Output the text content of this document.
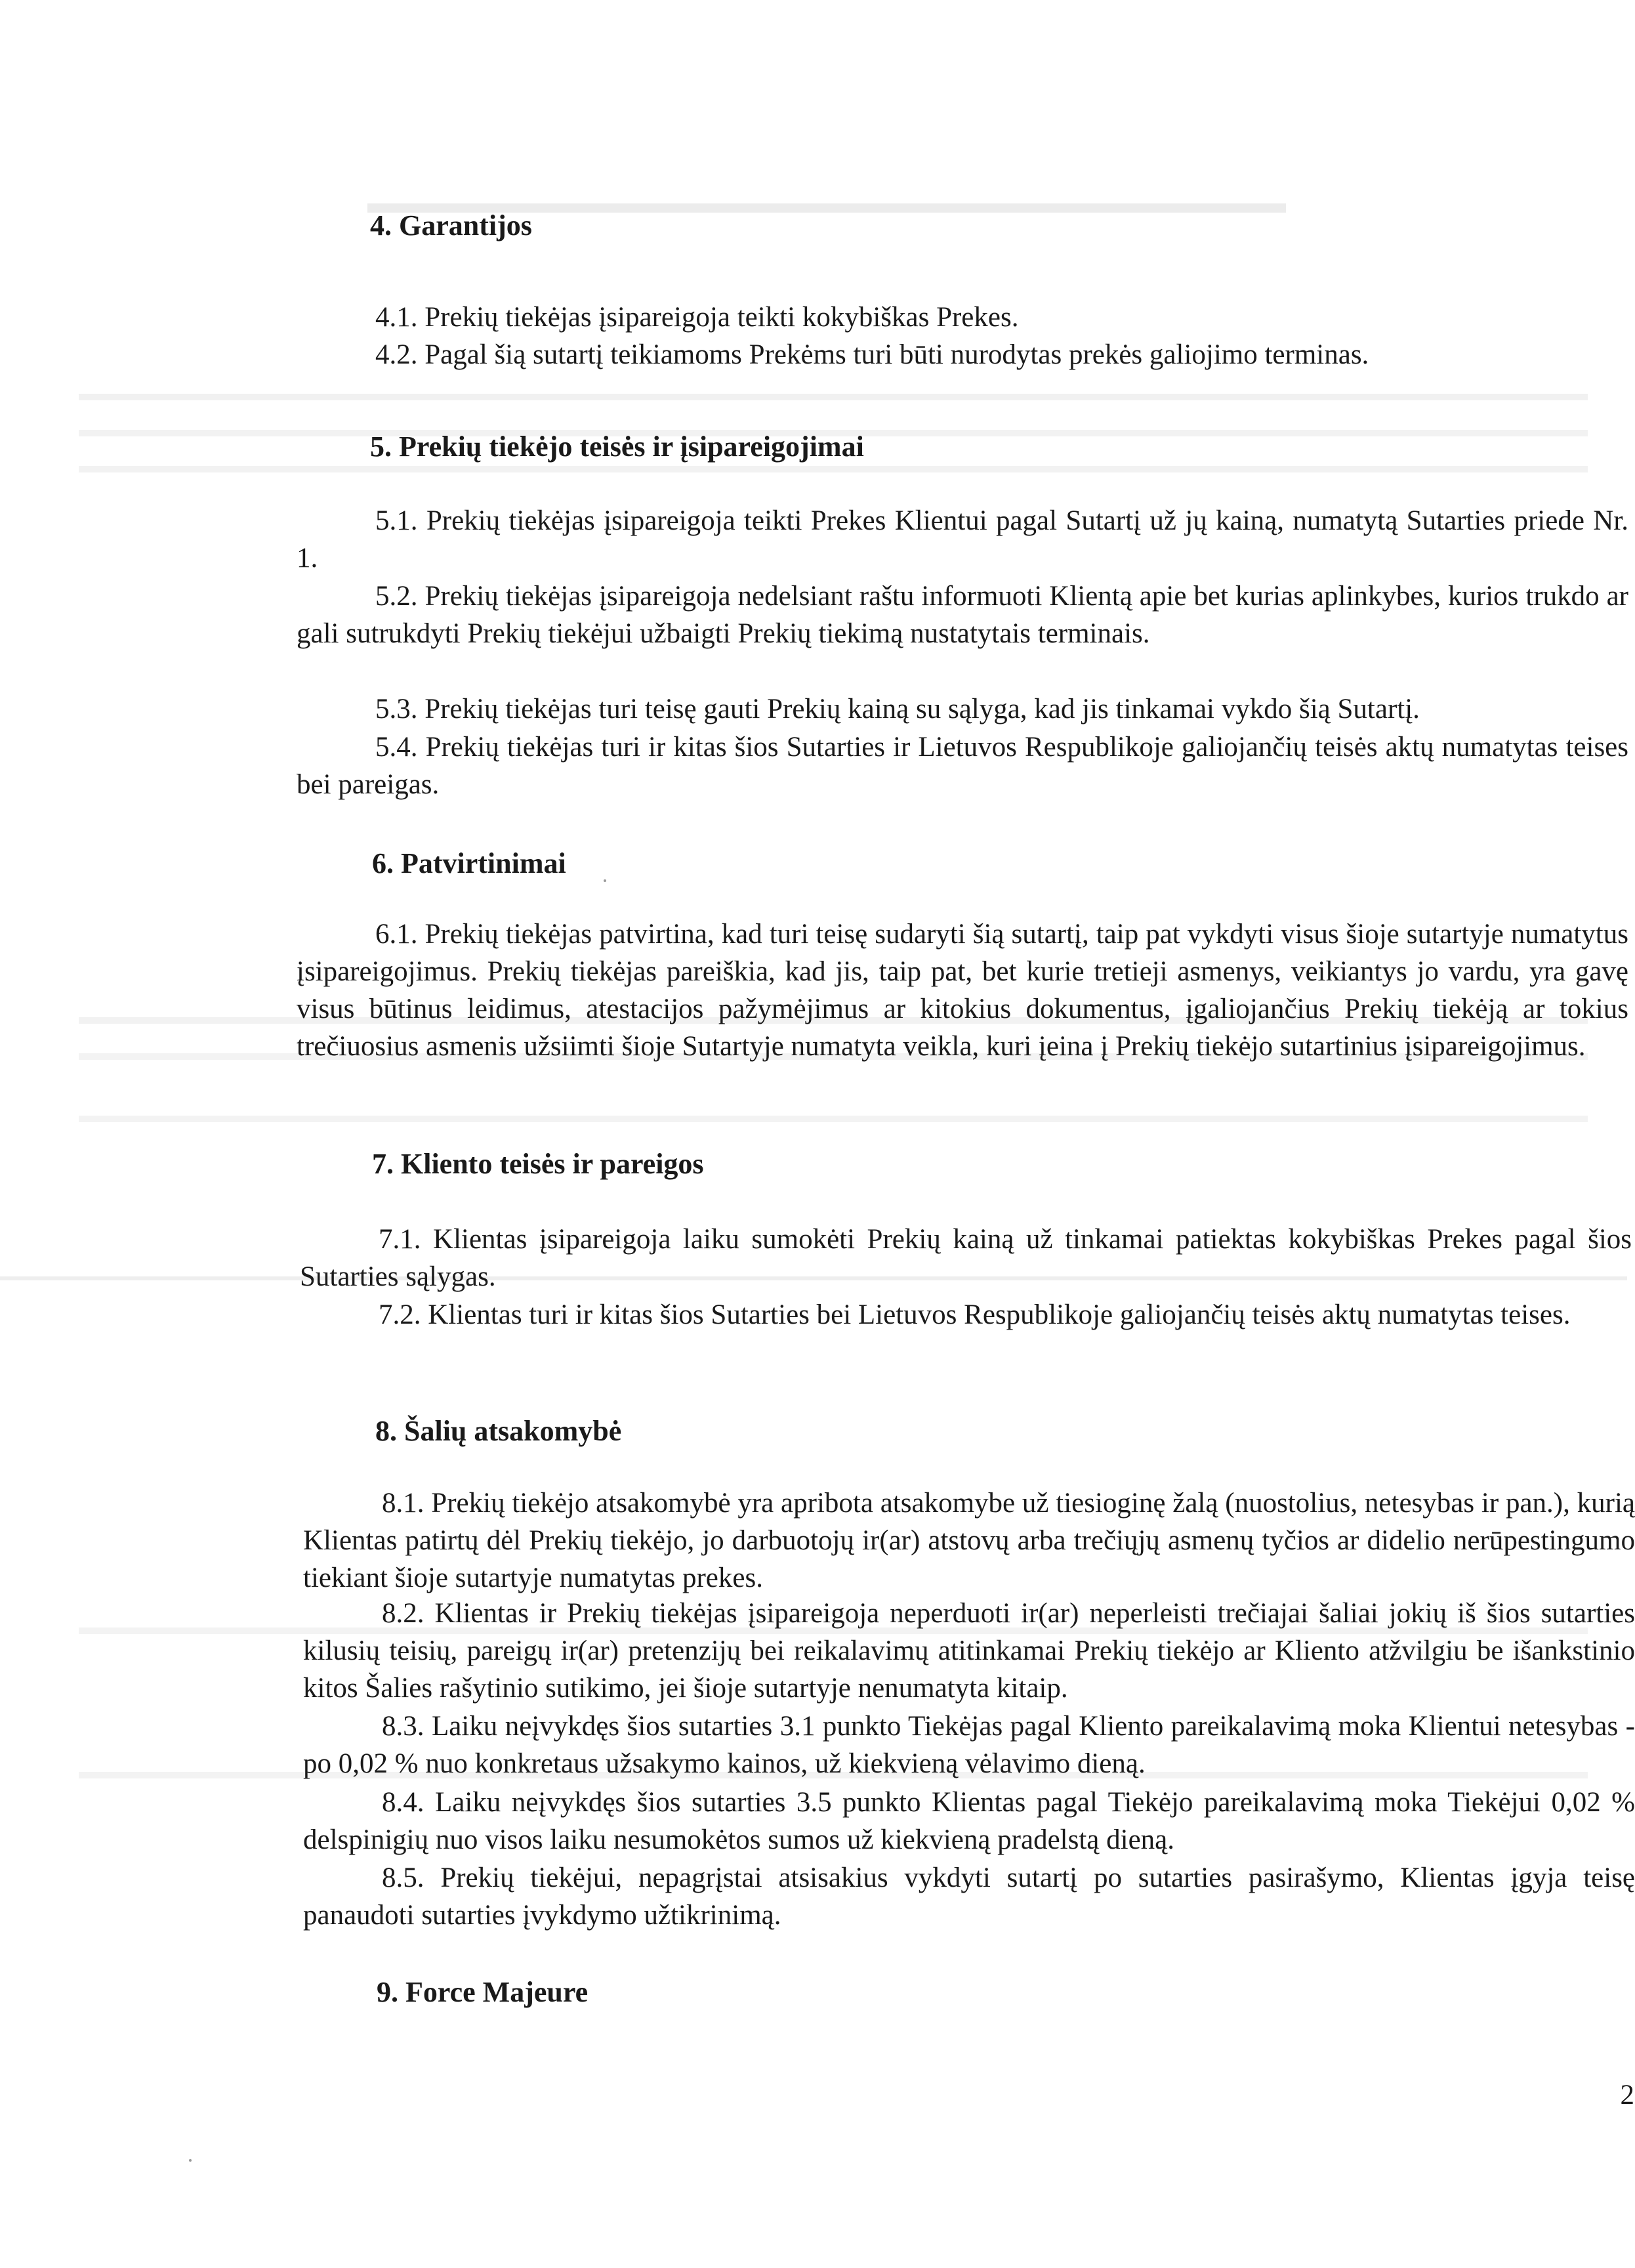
4. Garantijos

4.1. Prekių tiekėjas įsipareigoja teikti kokybiškas Prekes.

4.2. Pagal šią sutartį teikiamoms Prekėms turi būti nurodytas prekės galiojimo terminas.

5. Prekių tiekėjo teisės ir įsipareigojimai

5.1. Prekių tiekėjas įsipareigoja teikti Prekes Klientui pagal Sutartį už jų kainą, numatytą Sutarties priede Nr. 1.

5.2. Prekių tiekėjas įsipareigoja nedelsiant raštu informuoti Klientą apie bet kurias aplinkybes, kurios trukdo ar gali sutrukdyti Prekių tiekėjui užbaigti Prekių tiekimą nustatytais terminais.

5.3. Prekių tiekėjas turi teisę gauti Prekių kainą su sąlyga, kad jis tinkamai vykdo šią Sutartį.

5.4. Prekių tiekėjas turi ir kitas šios Sutarties ir Lietuvos Respublikoje galiojančių teisės aktų numatytas teises bei pareigas.

6. Patvirtinimai

6.1. Prekių tiekėjas patvirtina, kad turi teisę sudaryti šią sutartį, taip pat vykdyti visus šioje sutartyje numatytus įsipareigojimus. Prekių tiekėjas pareiškia, kad jis, taip pat, bet kurie tretieji asmenys, veikiantys jo vardu, yra gavę visus būtinus leidimus, atestacijos pažymėjimus ar kitokius dokumentus, įgaliojančius Prekių tiekėją ar tokius trečiuosius asmenis užsiimti šioje Sutartyje numatyta veikla, kuri įeina į Prekių tiekėjo sutartinius įsipareigojimus.

7. Kliento teisės ir pareigos

7.1. Klientas įsipareigoja laiku sumokėti Prekių kainą už tinkamai patiektas kokybiškas Prekes pagal šios Sutarties sąlygas.

7.2. Klientas turi ir kitas šios Sutarties bei Lietuvos Respublikoje galiojančių teisės aktų numatytas teises.

8. Šalių atsakomybė

8.1. Prekių tiekėjo atsakomybė yra apribota atsakomybe už tiesioginę žalą (nuostolius, netesybas ir pan.), kurią Klientas patirtų dėl Prekių tiekėjo, jo darbuotojų ir(ar) atstovų arba trečiųjų asmenų tyčios ar didelio nerūpestingumo tiekiant šioje sutartyje numatytas prekes.

8.2. Klientas ir Prekių tiekėjas įsipareigoja neperduoti ir(ar) neperleisti trečiajai šaliai jokių iš šios sutarties kilusių teisių, pareigų ir(ar) pretenzijų bei reikalavimų atitinkamai Prekių tiekėjo ar Kliento atžvilgiu be išankstinio kitos Šalies rašytinio sutikimo, jei šioje sutartyje nenumatyta kitaip.

8.3. Laiku neįvykdęs šios sutarties 3.1 punkto Tiekėjas pagal Kliento pareikalavimą moka Klientui netesybas - po 0,02 % nuo konkretaus užsakymo kainos, už kiekvieną vėlavimo dieną.

8.4. Laiku neįvykdęs šios sutarties 3.5 punkto Klientas pagal Tiekėjo pareikalavimą moka Tiekėjui 0,02 % delspinigių nuo visos laiku nesumokėtos sumos už kiekvieną pradelstą dieną.

8.5. Prekių tiekėjui, nepagrįstai atsisakius vykdyti sutartį po sutarties pasirašymo, Klientas įgyja teisę panaudoti sutarties įvykdymo užtikrinimą.

9. Force Majeure
2
